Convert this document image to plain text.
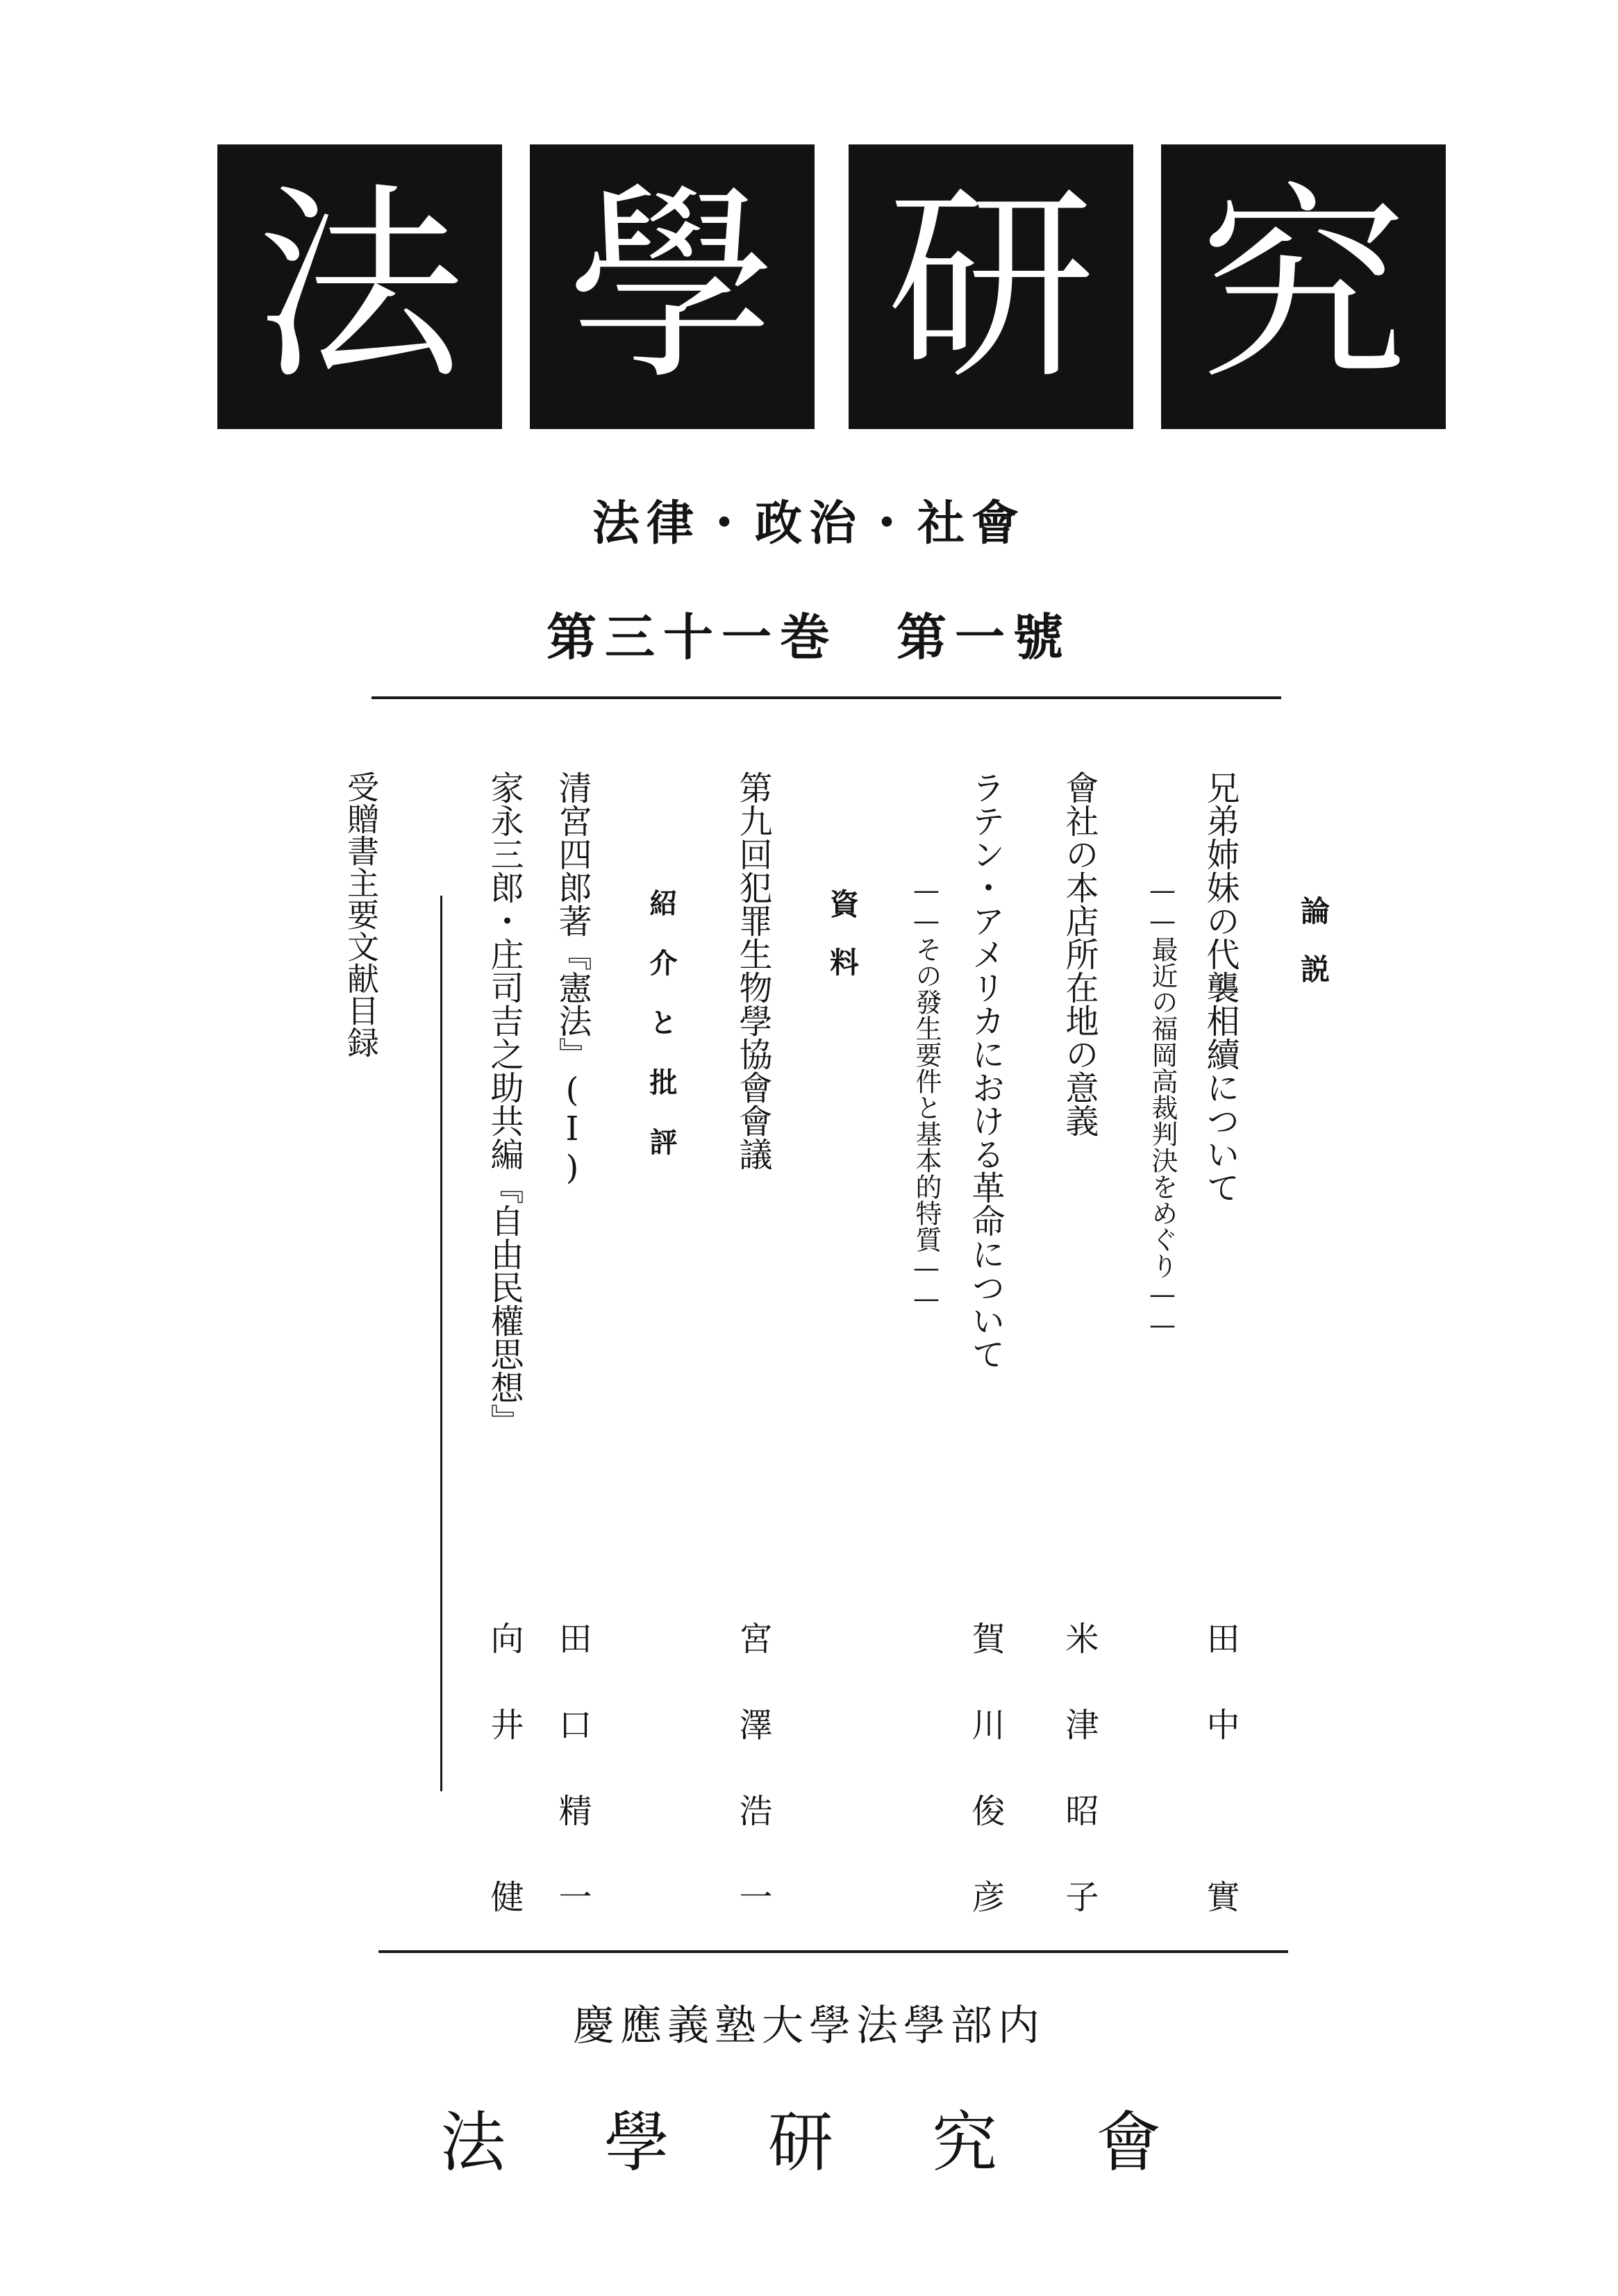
法 學 研 究
法律・政治・社會
第三十一巻　第一號
論　説
兄弟姉妹の代襲相續について
——最近の福岡高裁判決をめぐり——
田
中
實
會社の本店所在地の意義
米
津
昭
子
ラテン・アメリカにおける革命について
——その發生要件と基本的特質——
賀
川
俊
彦
資　料
第九回犯罪生物學協會會議
宮
澤
浩
一
紹 介 と 批 評
清宮四郎著『憲法』(Ⅰ)
田
口
精
一
家永三郎・庄司吉之助共編『自由民權思想』
向
井
健
受贈書主要文献目録
慶應義塾大學法學部内
法　學　研　究　會
